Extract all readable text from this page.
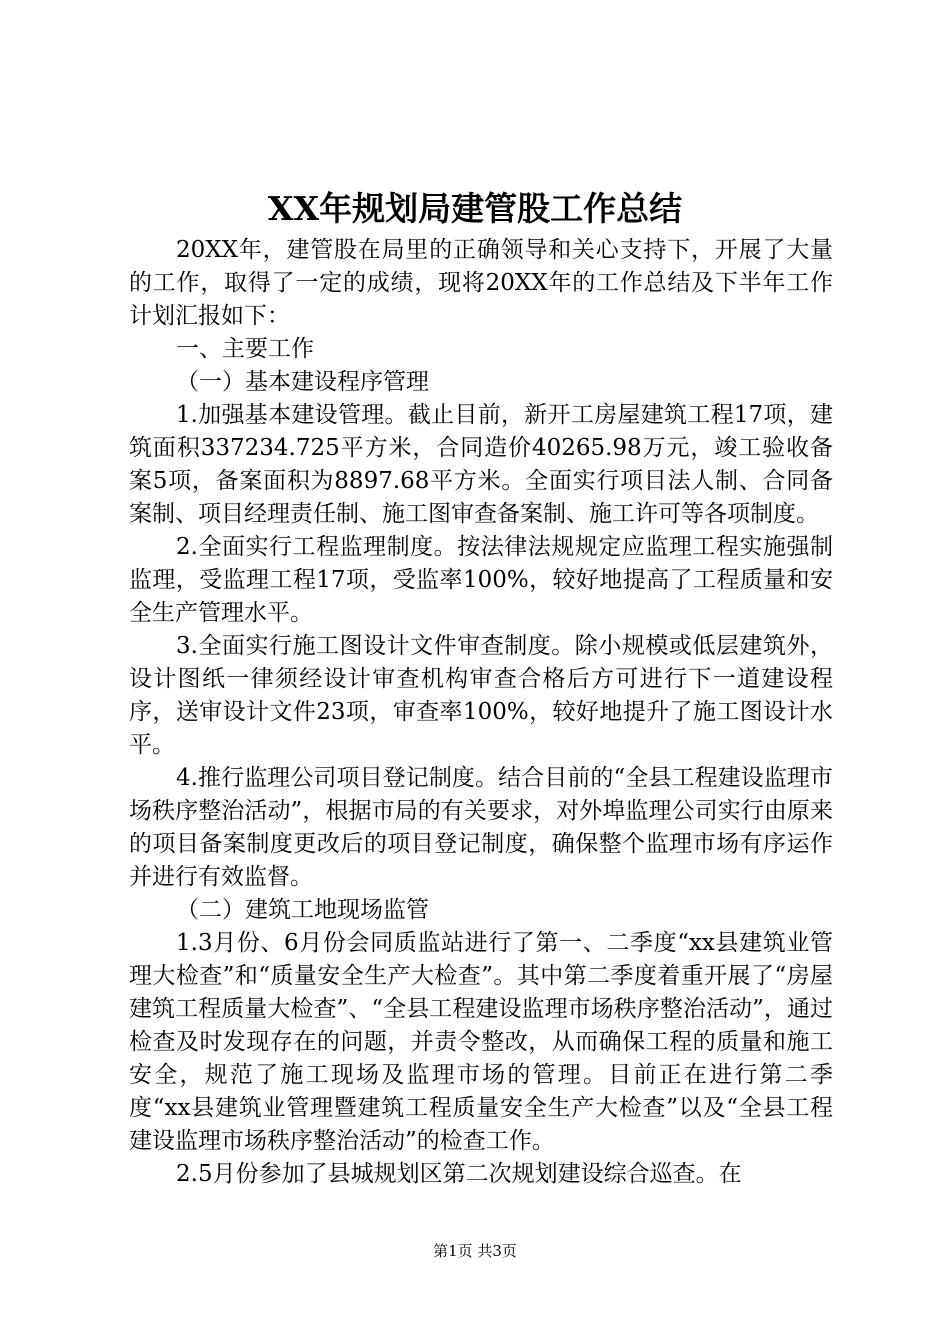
XX年规划局建管股工作总结

20XX年，建管股在局里的正确领导和关心支持下，开展了大量的工作，取得了一定的成绩，现将20XX年的工作总结及下半年工作计划汇报如下：

一、主要工作

（一）基本建设程序管理

1.加强基本建设管理。截止目前，新开工房屋建筑工程17项，建筑面积337234.725平方米，合同造价40265.98万元，竣工验收备案5项，备案面积为8897.68平方米。全面实行项目法人制、合同备案制、项目经理责任制、施工图审查备案制、施工许可等各项制度。

2.全面实行工程监理制度。按法律法规规定应监理工程实施强制监理，受监理工程17项，受监率100%，较好地提高了工程质量和安全生产管理水平。

3.全面实行施工图设计文件审查制度。除小规模或低层建筑外，设计图纸一律须经设计审查机构审查合格后方可进行下一道建设程序，送审设计文件23项，审查率100%，较好地提升了施工图设计水平。

4.推行监理公司项目登记制度。结合目前的“全县工程建设监理市场秩序整治活动”，根据市局的有关要求，对外埠监理公司实行由原来的项目备案制度更改后的项目登记制度，确保整个监理市场有序运作并进行有效监督。

（二）建筑工地现场监管

1.3月份、6月份会同质监站进行了第一、二季度“xx县建筑业管理大检查”和“质量安全生产大检查”。其中第二季度着重开展了“房屋建筑工程质量大检查”、“全县工程建设监理市场秩序整治活动”，通过检查及时发现存在的问题，并责令整改，从而确保工程的质量和施工安全，规范了施工现场及监理市场的管理。目前正在进行第二季度“xx县建筑业管理暨建筑工程质量安全生产大检查”以及“全县工程建设监理市场秩序整治活动”的检查工作。

2.5月份参加了县城规划区第二次规划建设综合巡查。在

第1页 共3页
